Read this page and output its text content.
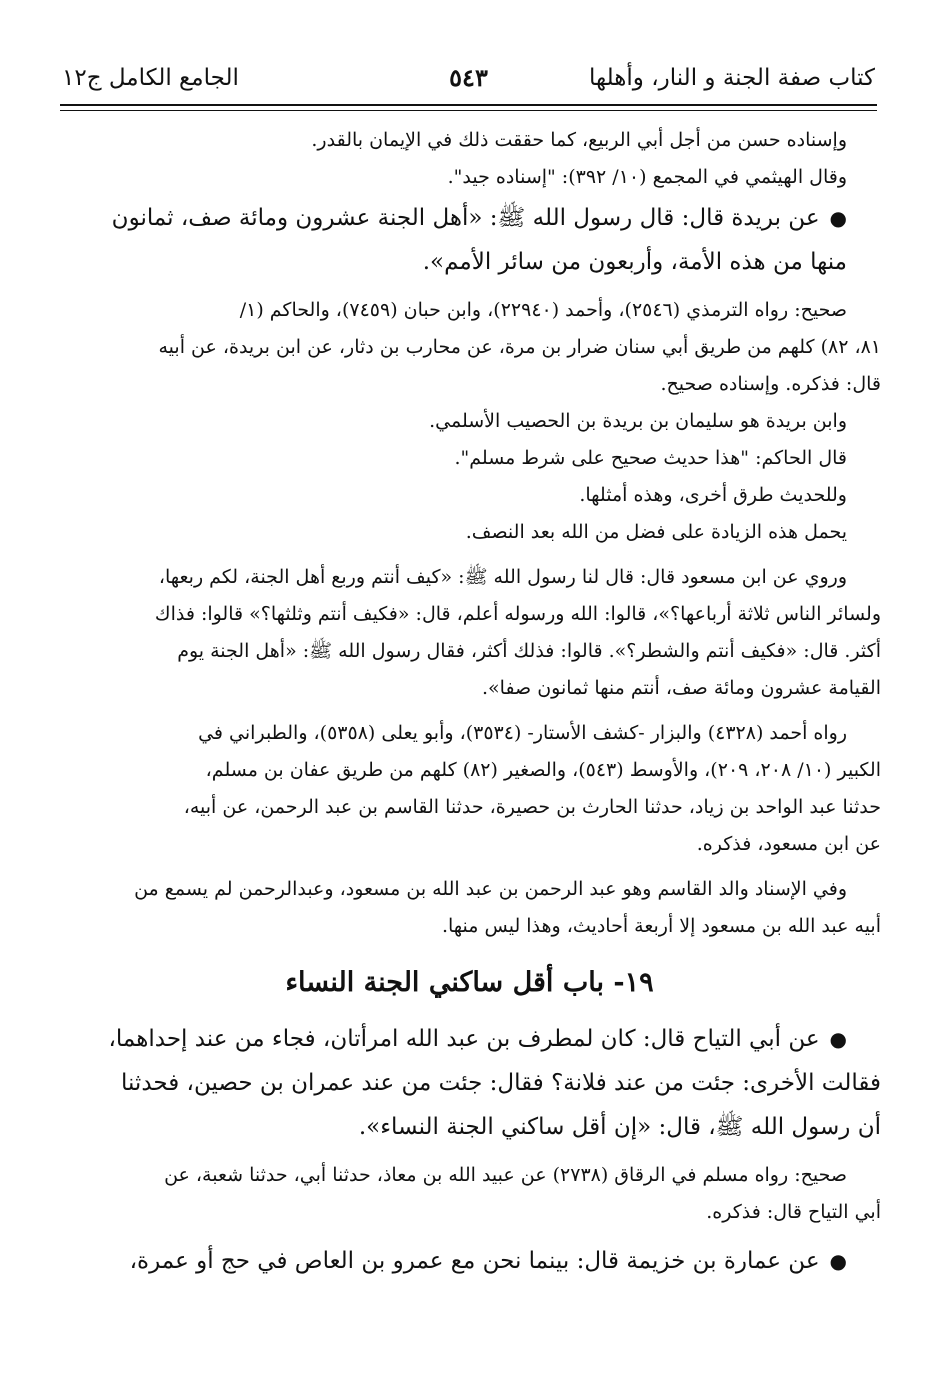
كتاب صفة الجنة و النار، وأهلها
٥٤٣
الجامع الكامل ج١٢

وإسناده حسن من أجل أبي الربيع، كما حققت ذلك في الإيمان بالقدر.

وقال الهيثمي في المجمع (١٠/ ٣٩٢): "إسناده جيد".

●عن بريدة قال: قال رسول الله ﷺ: «أهل الجنة عشرون ومائة صف، ثمانون
منها من هذه الأمة، وأربعون من سائر الأمم».

صحيح: رواه الترمذي (٢٥٤٦)، وأحمد (٢٢٩٤٠)، وابن حبان (٧٤٥٩)، والحاكم (١/
٨١، ٨٢) كلهم من طريق أبي سنان ضرار بن مرة، عن محارب بن دثار، عن ابن بريدة، عن أبيه
قال: فذكره. وإسناده صحيح.

وابن بريدة هو سليمان بن بريدة بن الحصيب الأسلمي.

قال الحاكم: "هذا حديث صحيح على شرط مسلم".

وللحديث طرق أخرى، وهذه أمثلها.

يحمل هذه الزيادة على فضل من الله بعد النصف.

وروي عن ابن مسعود قال: قال لنا رسول الله ﷺ: «كيف أنتم وربع أهل الجنة، لكم ربعها،
ولسائر الناس ثلاثة أرباعها؟»، قالوا: الله ورسوله أعلم، قال: «فكيف أنتم وثلثها؟» قالوا: فذاك
أكثر. قال: «فكيف أنتم والشطر؟». قالوا: فذلك أكثر، فقال رسول الله ﷺ: «أهل الجنة يوم
القيامة عشرون ومائة صف، أنتم منها ثمانون صفا».

رواه أحمد (٤٣٢٨) والبزار -كشف الأستار- (٣٥٣٤)، وأبو يعلى (٥٣٥٨)، والطبراني في
الكبير (١٠/ ٢٠٨، ٢٠٩)، والأوسط (٥٤٣)، والصغير (٨٢) كلهم من طريق عفان بن مسلم،
حدثنا عبد الواحد بن زياد، حدثنا الحارث بن حصيرة، حدثنا القاسم بن عبد الرحمن، عن أبيه،
عن ابن مسعود، فذكره.

وفي الإسناد والد القاسم وهو عبد الرحمن بن عبد الله بن مسعود، وعبدالرحمن لم يسمع من
أبيه عبد الله بن مسعود إلا أربعة أحاديث، وهذا ليس منها.

١٩- باب أقل ساكني الجنة النساء

●عن أبي التياح قال: كان لمطرف بن عبد الله امرأتان، فجاء من عند إحداهما،
فقالت الأخرى: جئت من عند فلانة؟ فقال: جئت من عند عمران بن حصين، فحدثنا
أن رسول الله ﷺ، قال: «إن أقل ساكني الجنة النساء».

صحيح: رواه مسلم في الرقاق (٢٧٣٨) عن عبيد الله بن معاذ، حدثنا أبي، حدثنا شعبة، عن
أبي التياح قال: فذكره.

●عن عمارة بن خزيمة قال: بينما نحن مع عمرو بن العاص في حج أو عمرة،
